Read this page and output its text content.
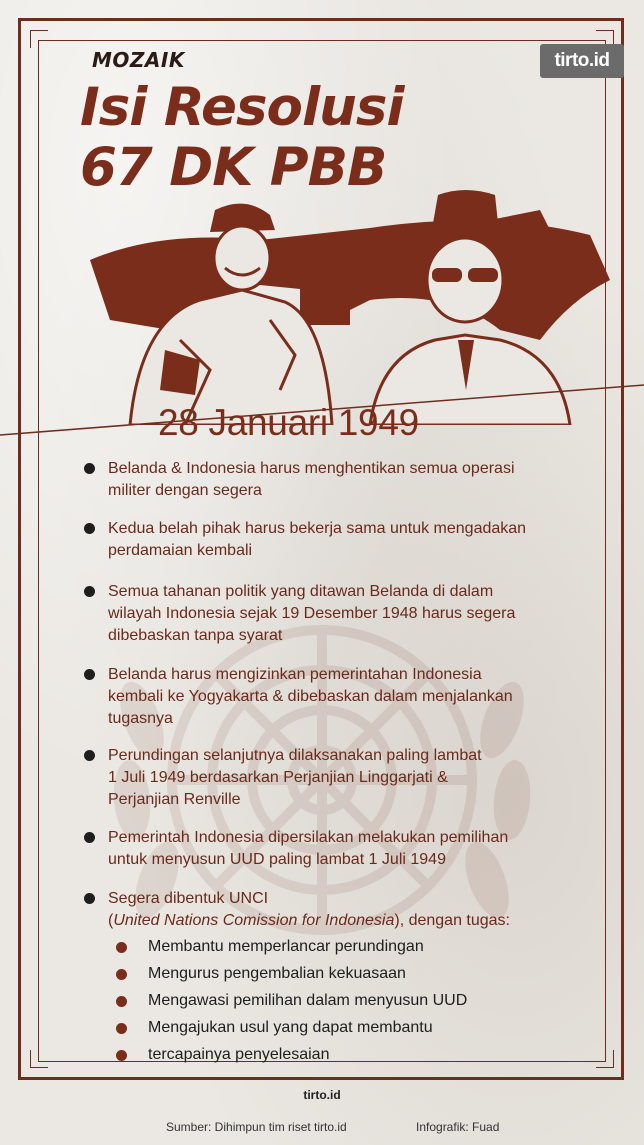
tirto.id
MOZAIK
Isi Resolusi
67 DK PBB
28 Januari 1949
Belanda & Indonesia harus menghentikan semua operasi
militer dengan segera
Kedua belah pihak harus bekerja sama untuk mengadakan
perdamaian kembali
Semua tahanan politik yang ditawan Belanda di dalam
wilayah Indonesia sejak 19 Desember 1948 harus segera
dibebaskan tanpa syarat
Belanda harus mengizinkan pemerintahan Indonesia
kembali ke Yogyakarta & dibebaskan dalam menjalankan
tugasnya
Perundingan selanjutnya dilaksanakan paling lambat
1 Juli 1949 berdasarkan Perjanjian Linggarjati &
Perjanjian Renville
Pemerintah Indonesia dipersilakan melakukan pemilihan
untuk menyusun UUD paling lambat 1 Juli 1949
Segera dibentuk UNCI
(United Nations Comission for Indonesia), dengan tugas:
Membantu memperlancar perundingan
Mengurus pengembalian kekuasaan
Mengawasi pemilihan dalam menyusun UUD
Mengajukan usul yang dapat membantu
tercapainya penyelesaian
tirto.id
Sumber: Dihimpun tim riset tirto.id	Infografik: Fuad
